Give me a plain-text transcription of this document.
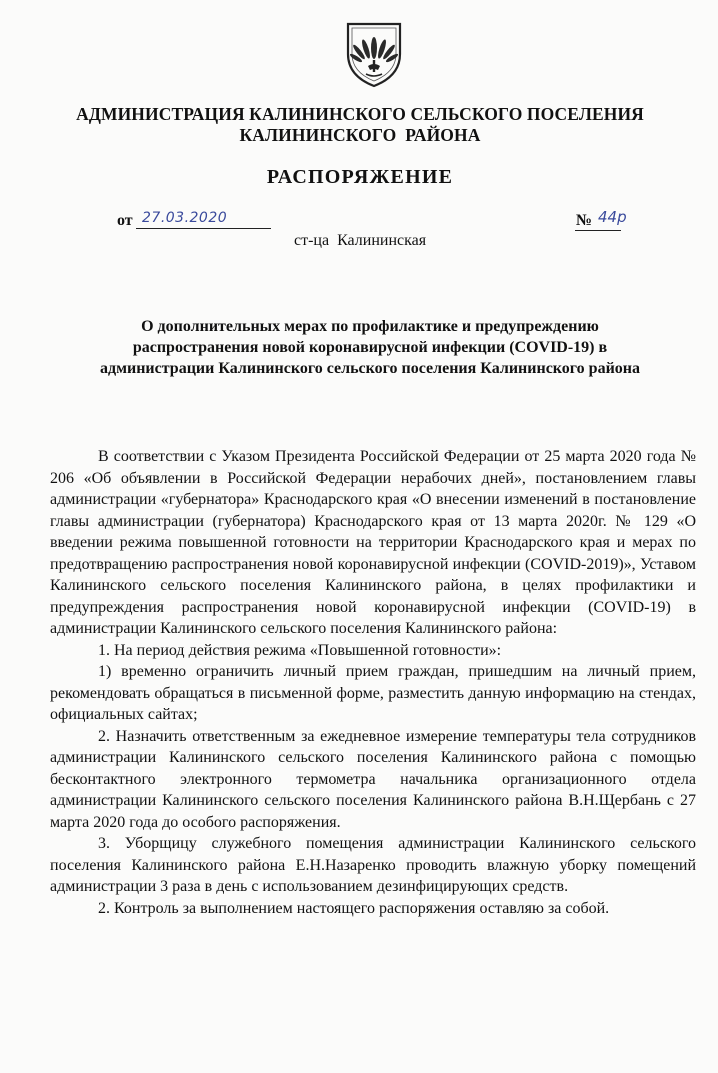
АДМИНИСТРАЦИЯ КАЛИНИНСКОГО СЕЛЬСКОГО ПОСЕЛЕНИЯ
КАЛИНИНСКОГО  РАЙОНА
РАСПОРЯЖЕНИЕ
от 27.03.2020	№ 44р
ст-ца  Калининская
О дополнительных мерах по профилактике и предупреждению
распространения новой коронавирусной инфекции (COVID-19) в
администрации Калининского сельского поселения Калининского района

В соответствии с Указом Президента Российской Федерации от 25 марта 2020 года № 206 «Об объявлении в Российской Федерации нерабочих дней», постановлением главы администрации «губернатора» Краснодарского края «О внесении изменений в постановление главы администрации (губернатора) Краснодарского края от 13 марта 2020г. № 129 «О введении режима повышенной готовности на территории Краснодарского края и мерах по предотвращению распространения новой коронавирусной инфекции (COVID-2019)», Уставом Калининского сельского поселения Калининского района, в целях профилактики и предупреждения распространения новой коронавирусной инфекции (COVID-19) в администрации Калининского сельского поселения Калининского района:

1. На период действия режима «Повышенной готовности»:

1) временно ограничить личный прием граждан, пришедшим на личный прием, рекомендовать обращаться в письменной форме, разместить данную информацию на стендах, официальных сайтах;

2. Назначить ответственным за ежедневное измерение температуры тела сотрудников администрации Калининского сельского поселения Калининского района с помощью бесконтактного электронного термометра начальника организационного отдела администрации Калининского сельского поселения Калининского района В.Н.Щербань с 27 марта 2020 года до особого распоряжения.

3. Уборщицу служебного помещения администрации Калининского сельского поселения Калининского района Е.Н.Назаренко проводить влажную уборку помещений администрации 3 раза в день с использованием дезинфицирующих средств.

2. Контроль за выполнением настоящего распоряжения оставляю за собой.
